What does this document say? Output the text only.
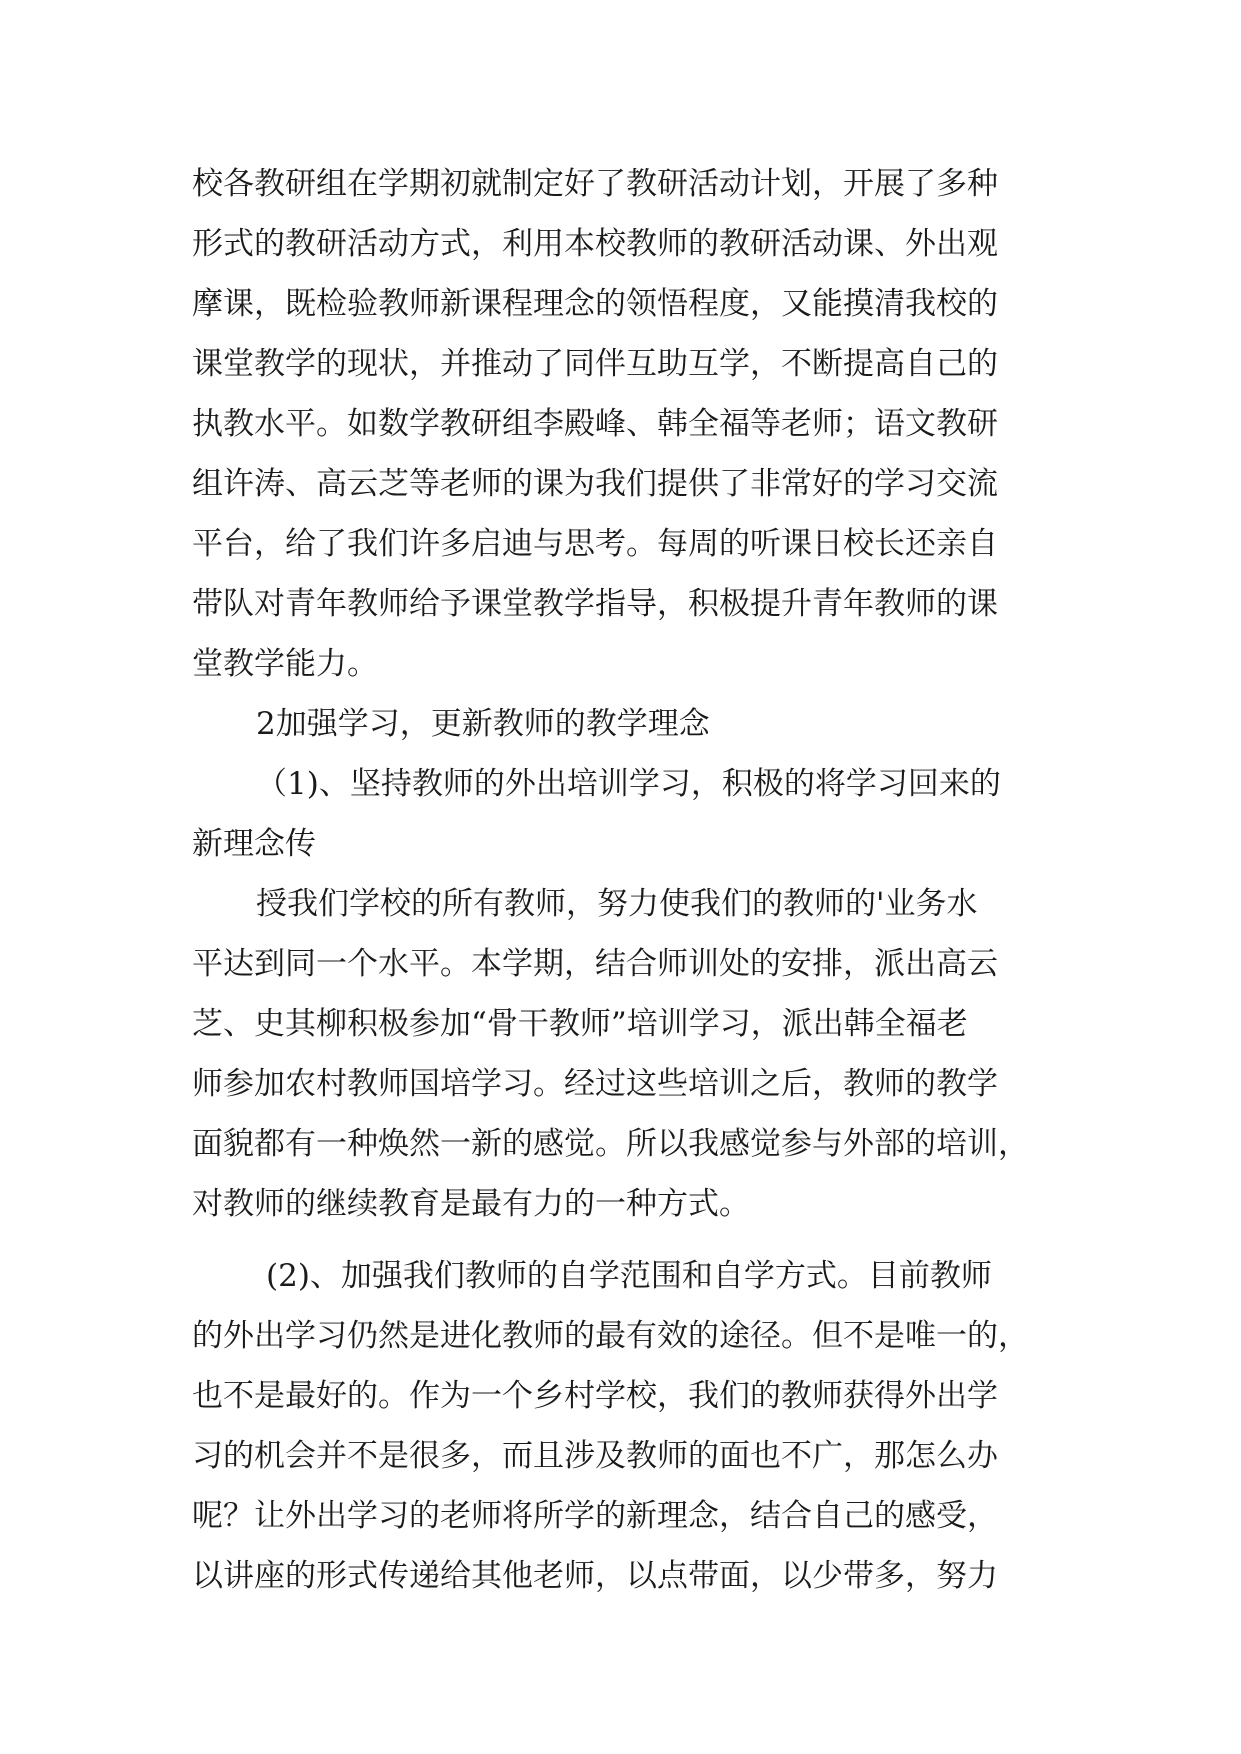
校各教研组在学期初就制定好了教研活动计划，开展了多种
形式的教研活动方式，利用本校教师的教研活动课、外出观
摩课，既检验教师新课程理念的领悟程度，又能摸清我校的
课堂教学的现状，并推动了同伴互助互学，不断提高自己的
执教水平。如数学教研组李殿峰、韩全福等老师；语文教研
组许涛、高云芝等老师的课为我们提供了非常好的学习交流
平台，给了我们许多启迪与思考。每周的听课日校长还亲自
带队对青年教师给予课堂教学指导，积极提升青年教师的课
堂教学能力。
2加强学习，更新教师的教学理念
（1)、坚持教师的外出培训学习，积极的将学习回来的
新理念传
授我们学校的所有教师，努力使我们的教师的'业务水
平达到同一个水平。本学期，结合师训处的安排，派出高云
芝、史其柳积极参加“骨干教师”培训学习，派出韩全福老
师参加农村教师国培学习。经过这些培训之后，教师的教学
面貌都有一种焕然一新的感觉。所以我感觉参与外部的培训，
对教师的继续教育是最有力的一种方式。
(2)、加强我们教师的自学范围和自学方式。目前教师
的外出学习仍然是进化教师的最有效的途径。但不是唯一的，
也不是最好的。作为一个乡村学校，我们的教师获得外出学
习的机会并不是很多，而且涉及教师的面也不广，那怎么办
呢？让外出学习的老师将所学的新理念，结合自己的感受，
以讲座的形式传递给其他老师，以点带面，以少带多，努力
